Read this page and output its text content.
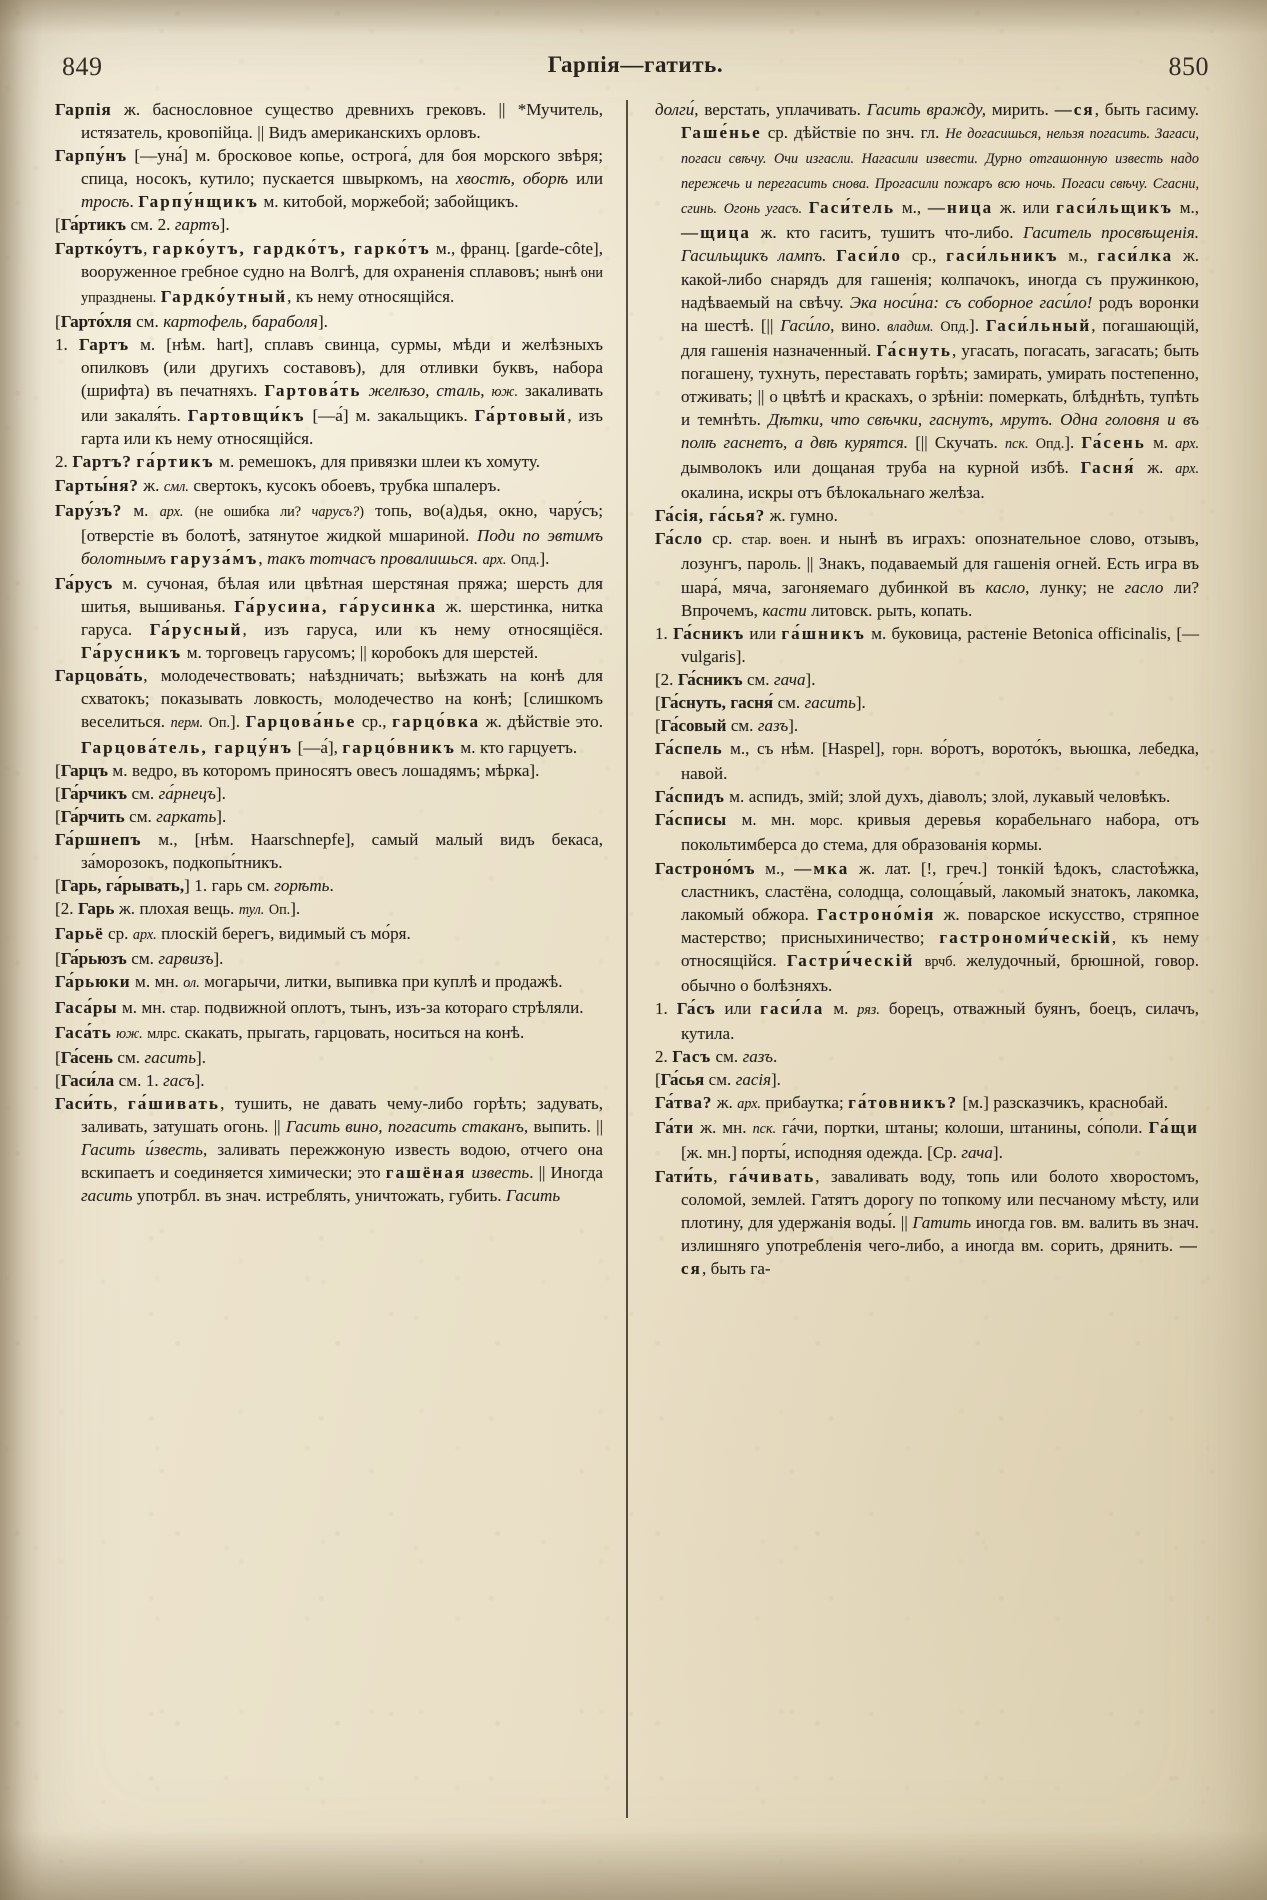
849	Гарпія—гатить.	850

Гарпія ж. баснословное существо древнихъ грековъ. || *Мучитель, истязатель, кровопійца. || Видъ американскихъ орловъ.

Гарпу́нъ [—уна́] м. бросковое копье, острога́, для боя морского звѣря; спица, носокъ, кутило; пускается швыркомъ, на хвостѣ, оборѣ или тросѣ. Гарпу́нщикъ м. китобой, моржебой; забойщикъ.

[Га́ртикъ см. 2. гартъ].

Гартко́утъ, гарко́утъ, гардко́тъ, гарко́тъ м., франц. [garde-côte], вооруженное гребное судно на Волгѣ, для охраненія сплавовъ; нынѣ они упразднены. Гардко́утный, къ нему относящійся.

[Гарто́хля см. картофель, бараболя].

1. Гартъ м. [нѣм. hart], сплавъ свинца, сурмы, мѣди и желѣзныхъ опилковъ (или другихъ составовъ), для отливки буквъ, набора (шрифта) въ печатняхъ. Гартова́ть желѣзо, сталь, юж. закаливать или закаля́ть. Гартовщи́къ [—а́] м. закальщикъ. Га́ртовый, изъ гарта или къ нему относящійся.

2. Гартъ? га́ртикъ м. ремешокъ, для привязки шлеи къ хомуту.

Гарты́ня? ж. смл. свертокъ, кусокъ обоевъ, трубка шпалеръ.

Гару́зъ? м. арх. (не ошибка ли? чарусъ?) топь, во(а)дья, окно, чару́съ; [отверстіе въ болотѣ, затянутое жидкой мшариной. Поди по эвтимъ болотнымъ гаруза́мъ, такъ тотчасъ провалишься. арх. Опд.].

Га́русъ м. сучоная, бѣлая или цвѣтная шерстяная пряжа; шерсть для шитья, вышиванья. Га́русина, га́русинка ж. шерстинка, нитка гаруса. Га́русный, изъ гаруса, или къ нему относящіёся. Га́русникъ м. торговецъ гарусомъ; || коробокъ для шерстей.

Гарцова́ть, молодечествовать; наѣздничать; выѣзжать на конѣ для схватокъ; показывать ловкость, молодечество на конѣ; [слишкомъ веселиться. перм. Оп.]. Гарцова́нье ср., гарцо́вка ж. дѣйствіе это. Гарцова́тель, гарцу́нъ [—а́], гарцо́вникъ м. кто гарцуетъ.

[Гарцъ м. ведро, въ которомъ приносятъ овесъ лошадямъ; мѣрка].

[Га́рчикъ см. га́рнецъ].

[Га́рчить см. гаркать].

Га́ршнепъ м., [нѣм. Haarschnepfe], самый малый видъ бекаса, за́морозокъ, подкопы́тникъ.

[Гарь, га́рывать,] 1. гарь см. горѣть.

[2. Гарь ж. плохая вещь. тул. Оп.].

Гарьё ср. арх. плоскій берегъ, видимый съ мо́ря.

[Га́рьюзъ см. гарвизъ].

Га́рьюки м. мн. ол. могарычи, литки, выпивка при куплѣ и продажѣ.

Гаса́ры м. мн. стар. подвижной оплотъ, тынъ, изъ-за котораго стрѣляли.

Гаса́ть юж. млрс. скакать, прыгать, гарцовать, носиться на конѣ.

[Га́сень см. гасить].

[Гаси́ла см. 1. гасъ].

Гаси́ть, га́шивать, тушить, не давать чему-либо горѣть; задувать, заливать, затушать огонь. || Гасить вино, погасить стаканъ, выпить. || Гасить и́звесть, заливать пережжоную известь водою, отчего она вскипаетъ и соединяется химически; это гашёная известь. || Иногда гасить употрбл. въ знач. истреблять, уничтожать, губить. Гасить

долги́, верстать, уплачивать. Гасить вражду, мирить. —ся, быть гасиму. Гаше́нье ср. дѣйствіе по знч. гл. Не догасишься, нельзя погасить. Загаси, погаси свѣчу. Очи изгасли. Нагасили извести. Дурно отгашонную известь надо пережечь и перегасить снова. Прогасили пожаръ всю ночь. Погаси свѣчу. Сгасни, сгинь. Огонь угасъ. Гаси́тель м., —ница ж. или гаси́льщикъ м., —щица ж. кто гаситъ, тушитъ что-либо. Гаситель просвѣщенія. Гасильщикъ лампъ. Гаси́ло ср., гаси́льникъ м., гаси́лка ж. какой-либо снарядъ для гашенія; колпачокъ, иногда съ пружинкою, надѣваемый на свѣчу. Эка носи́на: съ соборное гаси́ло! родъ воронки на шестѣ. [|| Гаси́ло, вино. владим. Опд.]. Гаси́льный, погашающій, для гашенія назначенный. Га́снуть, угасать, погасать, загасать; быть погашену, тухнуть, переставать горѣть; замирать, умирать постепенно, отживать; || о цвѣтѣ и краскахъ, о зрѣніи: померкать, блѣднѣть, тупѣть и темнѣть. Дѣтки, что свѣчки, гаснутъ, мрутъ. Одна головня и въ полѣ гаснетъ, а двѣ курятся. [|| Скучать. пск. Опд.]. Га́сень м. арх. дымволокъ или дощаная труба на курной избѣ. Гасня́ ж. арх. окалина, искры отъ бѣлокальнаго желѣза.

Га́сія, га́сья? ж. гумно.

Га́сло ср. стар. воен. и нынѣ въ играхъ: опознательное слово, отзывъ, лозунгъ, пароль. || Знакъ, подаваемый для гашенія огней. Есть игра въ шара́, мяча, загоняемаго дубинкой въ касло, лунку; не гасло ли? Впрочемъ, касти литовск. рыть, копать.

1. Га́сникъ или га́шникъ м. буковица, растеніе Betonica officinalis, [— vulgaris].

[2. Га́сникъ см. гача].

[Га́снуть, гасня́ см. гасить].

[Га́совый см. газъ].

Га́спель м., съ нѣм. [Haspel], горн. во́ротъ, ворото́къ, вьюшка, лебедка, навой.

Га́спидъ м. аспидъ, змій; злой духъ, діаволъ; злой, лукавый человѣкъ.

Га́списы м. мн. морс. кривыя деревья корабельнаго набора, отъ покольтимберса до стема, для образованія кормы.

Гастроно́мъ м., —мка ж. лат. [!, греч.] тонкій ѣдокъ, сластоѣжка, сластникъ, сластёна, солодща, солоща́вый, лакомый знатокъ, лакомка, лакомый обжора. Гастроно́мія ж. поварское искусство, стряпное мастерство; присныхиничество; гастрономи́ческій, къ нему относящійся. Гастри́ческій врчб. желудочный, брюшной, говор. обычно о болѣзняхъ.

1. Га́съ или гаси́ла м. ряз. борецъ, отважный буянъ, боецъ, силачъ, кутила.

2. Гасъ см. газъ.

[Га́сья см. гасія].

Га́тва? ж. арх. прибаутка; га́товникъ? [м.] разсказчикъ, краснобай.

Га́ти ж. мн. пск. га́чи, портки, штаны; колоши, штанины, со́поли. Га́щи [ж. мн.] порты́, исподняя одежда. [Ср. гача].

Гати́ть, га́чивать, заваливать воду, топь или болото хворостомъ, соломой, землей. Гатятъ дорогу по топкому или песчаному мѣсту, или плотину, для удержанія воды́. || Гатить иногда гов. вм. валить въ знач. излишняго употребленія чего-либо, а иногда вм. сорить, дрянить. —ся, быть га-
